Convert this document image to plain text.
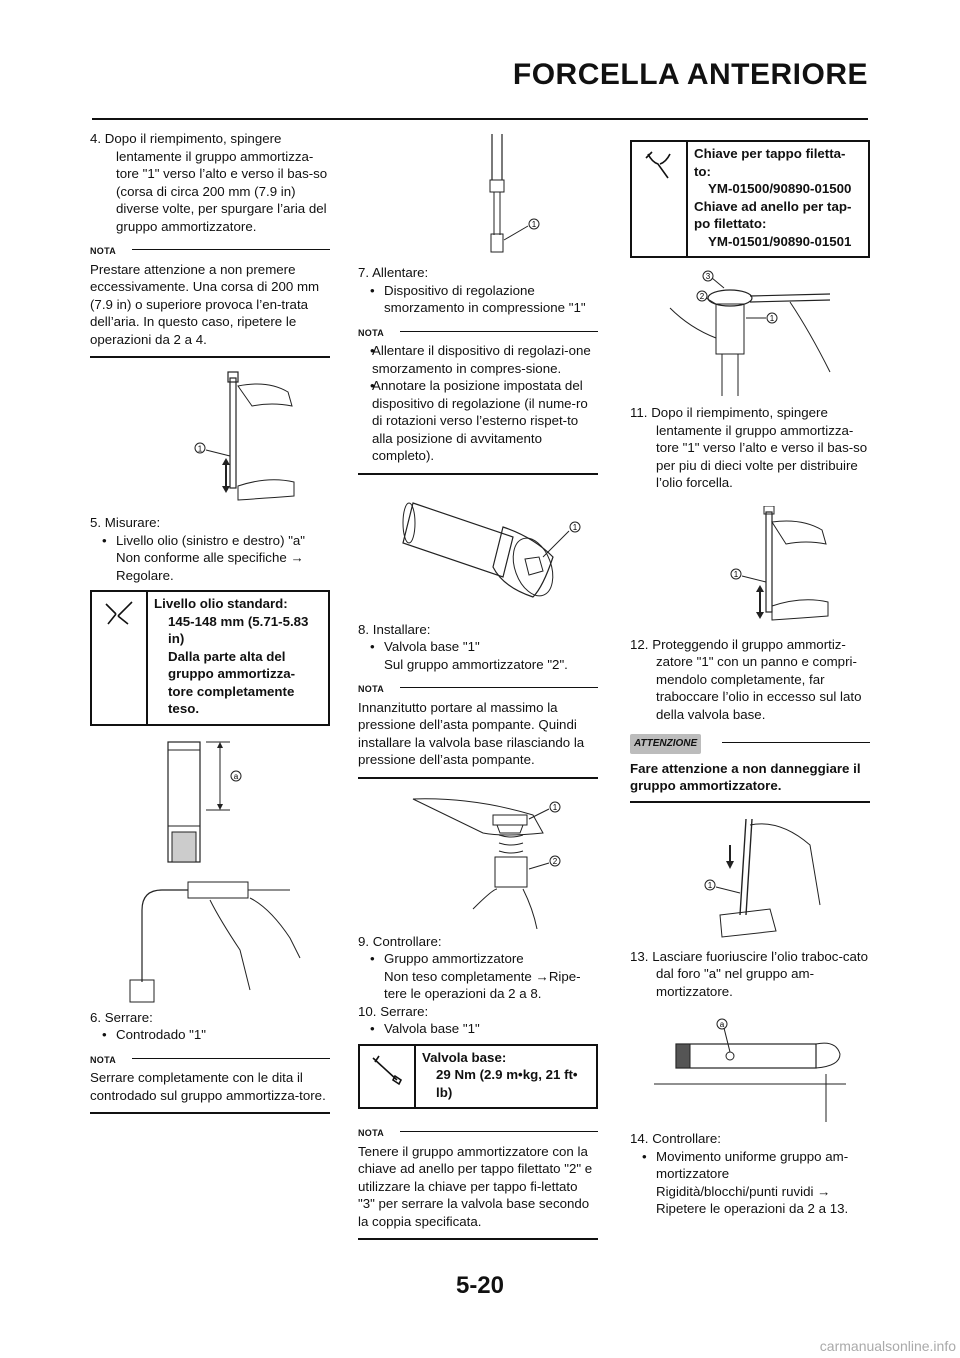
FORCELLA ANTERIORE

4. Dopo il riempimento, spingere lentamente il gruppo ammortizza-tore "1" verso l’alto e verso il bas-so (corsa di circa 200 mm (7.9 in) diverse volte, per spurgare l’aria del gruppo ammortizzatore.

NOTA
Prestare attenzione a non premere eccessivamente. Una corsa di 200 mm (7.9 in) o superiore provoca l’en-trata dell’aria. In questo caso, ripetere le operazioni da 2 a 4.
1

5. Misurare:

• Livello olio (sinistro e destro) "a"
Non conforme alle specifiche →
Regolare.
Livello olio standard:
145-148 mm (5.71-5.83
in)
Dalla parte alta del
gruppo ammortizza-
tore completamente
teso.
a

6. Serrare:

• Controdado "1"
NOTA
Serrare completamente con le dita il controdado sul gruppo ammortizza-tore.
1

7. Allentare:

• Dispositivo di regolazione smorzamento in compressione "1"
NOTA
• Allentare il dispositivo di regolazi-one smorzamento in compres-sione.
• Annotare la posizione impostata del dispositivo di regolazione (il nume-ro di rotazioni verso l’esterno rispet-to alla posizione di avvitamento completo).
1

8. Installare:

• Valvola base "1"
Sul gruppo ammortizzatore "2".
NOTA
Innanzitutto portare al massimo la pressione dell’asta pompante. Quindi installare la valvola base rilasciando la pressione dell’asta pompante.
1
2

9. Controllare:

• Gruppo ammortizzatore
Non teso completamente →Ripe-tere le operazioni da 2 a 8.

10. Serrare:

• Valvola base "1"
Valvola base:
29 Nm (2.9 m•kg, 21 ft•
lb)
NOTA
Tenere il gruppo ammortizzatore con la chiave ad anello per tappo filettato "2" e utilizzare la chiave per tappo fi-lettato "3" per serrare la valvola base secondo la coppia specificata.
Chiave per tappo filetta-
to:
YM-01500/90890-01500
Chiave ad anello per tap-
po filettato:
YM-01501/90890-01501
3
2
1

11. Dopo il riempimento, spingere lentamente il gruppo ammortizza-tore "1" verso l’alto e verso il bas-so per piu di dieci volte per distribuire l’olio forcella.

1

12. Proteggendo il gruppo ammortiz-zatore "1" con un panno e compri-mendolo completamente, far traboccare l’olio in eccesso sul lato della valvola base.

ATTENZIONE
Fare attenzione a non danneggiare il gruppo ammortizzatore.
1

13. Lasciare fuoriuscire l’olio traboc-cato dal foro "a" nel gruppo am-mortizzatore.

a

14. Controllare:

• Movimento uniforme gruppo am-mortizzatore
Rigidità/blocchi/punti ruvidi →
Ripetere le operazioni da 2 a 13.
5-20
carmanualsonline.info
